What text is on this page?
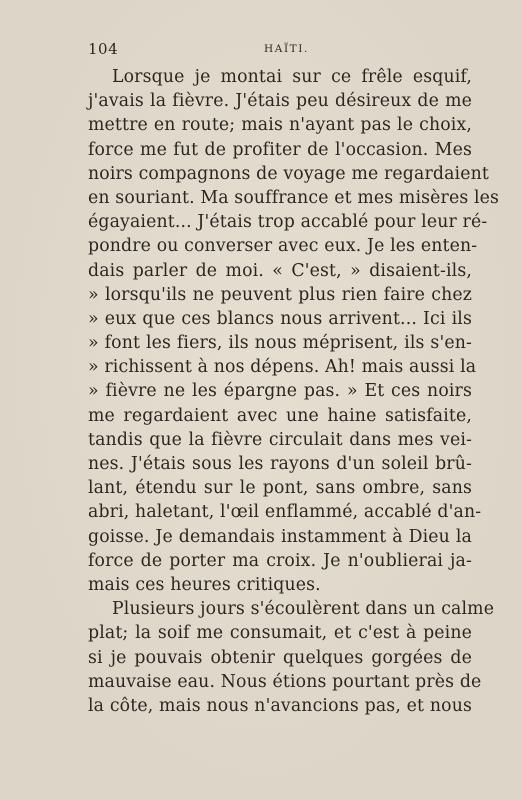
104	HAÏTI.
Lorsque je montai sur ce frêle esquif,
j'avais la fièvre. J'étais peu désireux de me
mettre en route; mais n'ayant pas le choix,
force me fut de profiter de l'occasion. Mes
noirs compagnons de voyage me regardaient
en souriant. Ma souffrance et mes misères les
égayaient... J'étais trop accablé pour leur ré-
pondre ou converser avec eux. Je les enten-
dais parler de moi. « C'est, » disaient-ils,
» lorsqu'ils ne peuvent plus rien faire chez
» eux que ces blancs nous arrivent... Ici ils
» font les fiers, ils nous méprisent, ils s'en-
» richissent à nos dépens. Ah! mais aussi la
» fièvre ne les épargne pas. » Et ces noirs
me regardaient avec une haine satisfaite,
tandis que la fièvre circulait dans mes vei-
nes. J'étais sous les rayons d'un soleil brû-
lant, étendu sur le pont, sans ombre, sans
abri, haletant, l'œil enflammé, accablé d'an-
goisse. Je demandais instamment à Dieu la
force de porter ma croix. Je n'oublierai ja-
mais ces heures critiques.
Plusieurs jours s'écoulèrent dans un calme
plat; la soif me consumait, et c'est à peine
si je pouvais obtenir quelques gorgées de
mauvaise eau. Nous étions pourtant près de
la côte, mais nous n'avancions pas, et nous
